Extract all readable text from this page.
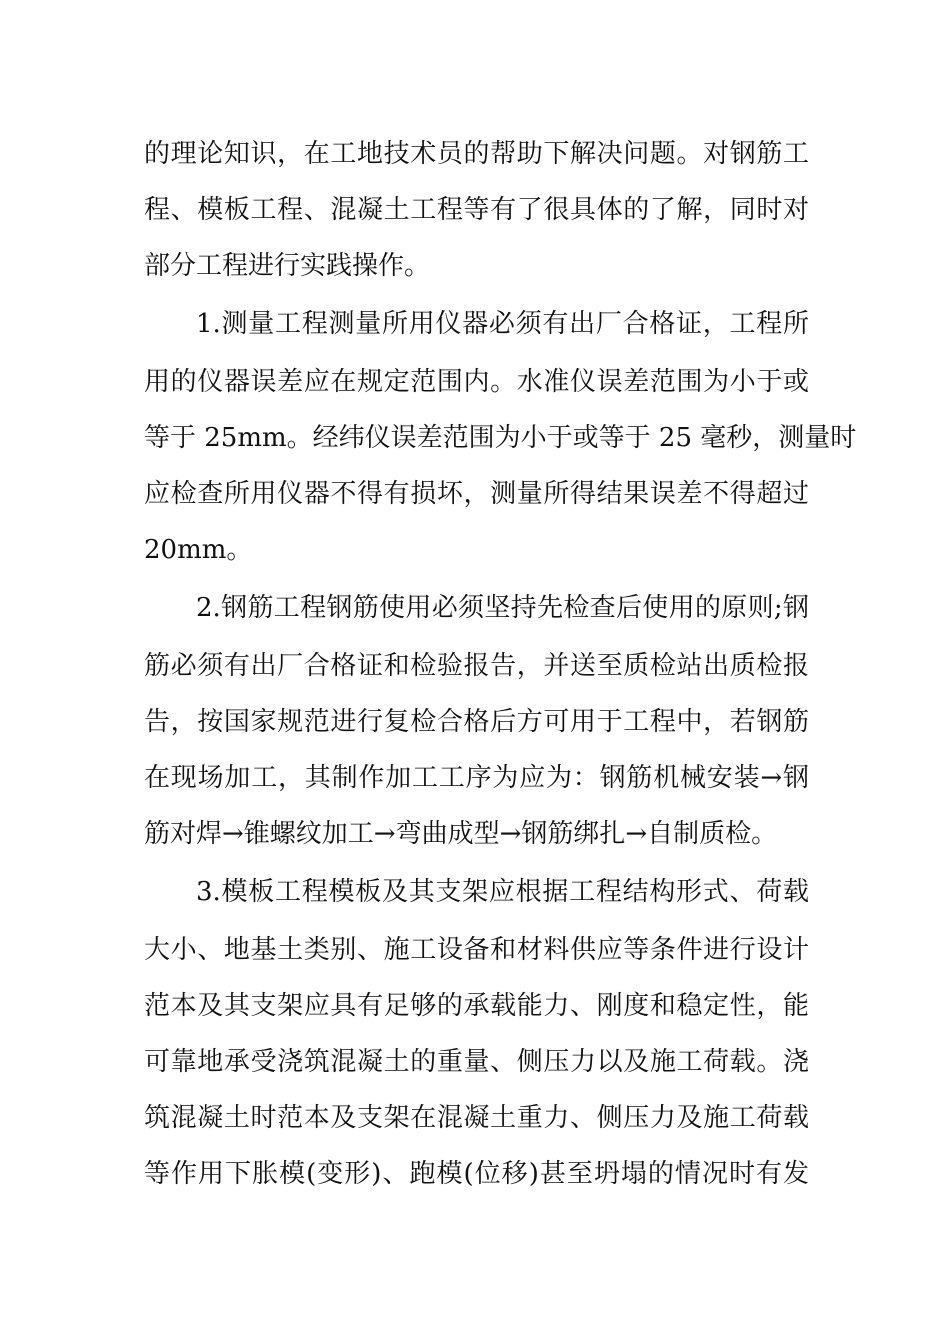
的理论知识，在工地技术员的帮助下解决问题。对钢筋工
程、模板工程、混凝土工程等有了很具体的了解，同时对
部分工程进行实践操作。
1.测量工程测量所用仪器必须有出厂合格证，工程所
用的仪器误差应在规定范围内。水准仪误差范围为小于或
等于 25mm。经纬仪误差范围为小于或等于 25 毫秒，测量时
应检查所用仪器不得有损坏，测量所得结果误差不得超过
20mm。
2.钢筋工程钢筋使用必须坚持先检查后使用的原则;钢
筋必须有出厂合格证和检验报告，并送至质检站出质检报
告，按国家规范进行复检合格后方可用于工程中，若钢筋
在现场加工，其制作加工工序为应为：钢筋机械安装→钢
筋对焊→锥螺纹加工→弯曲成型→钢筋绑扎→自制质检。
3.模板工程模板及其支架应根据工程结构形式、荷载
大小、地基土类别、施工设备和材料供应等条件进行设计
范本及其支架应具有足够的承载能力、刚度和稳定性，能
可靠地承受浇筑混凝土的重量、侧压力以及施工荷载。浇
筑混凝土时范本及支架在混凝土重力、侧压力及施工荷载
等作用下胀模(变形)、跑模(位移)甚至坍塌的情况时有发
